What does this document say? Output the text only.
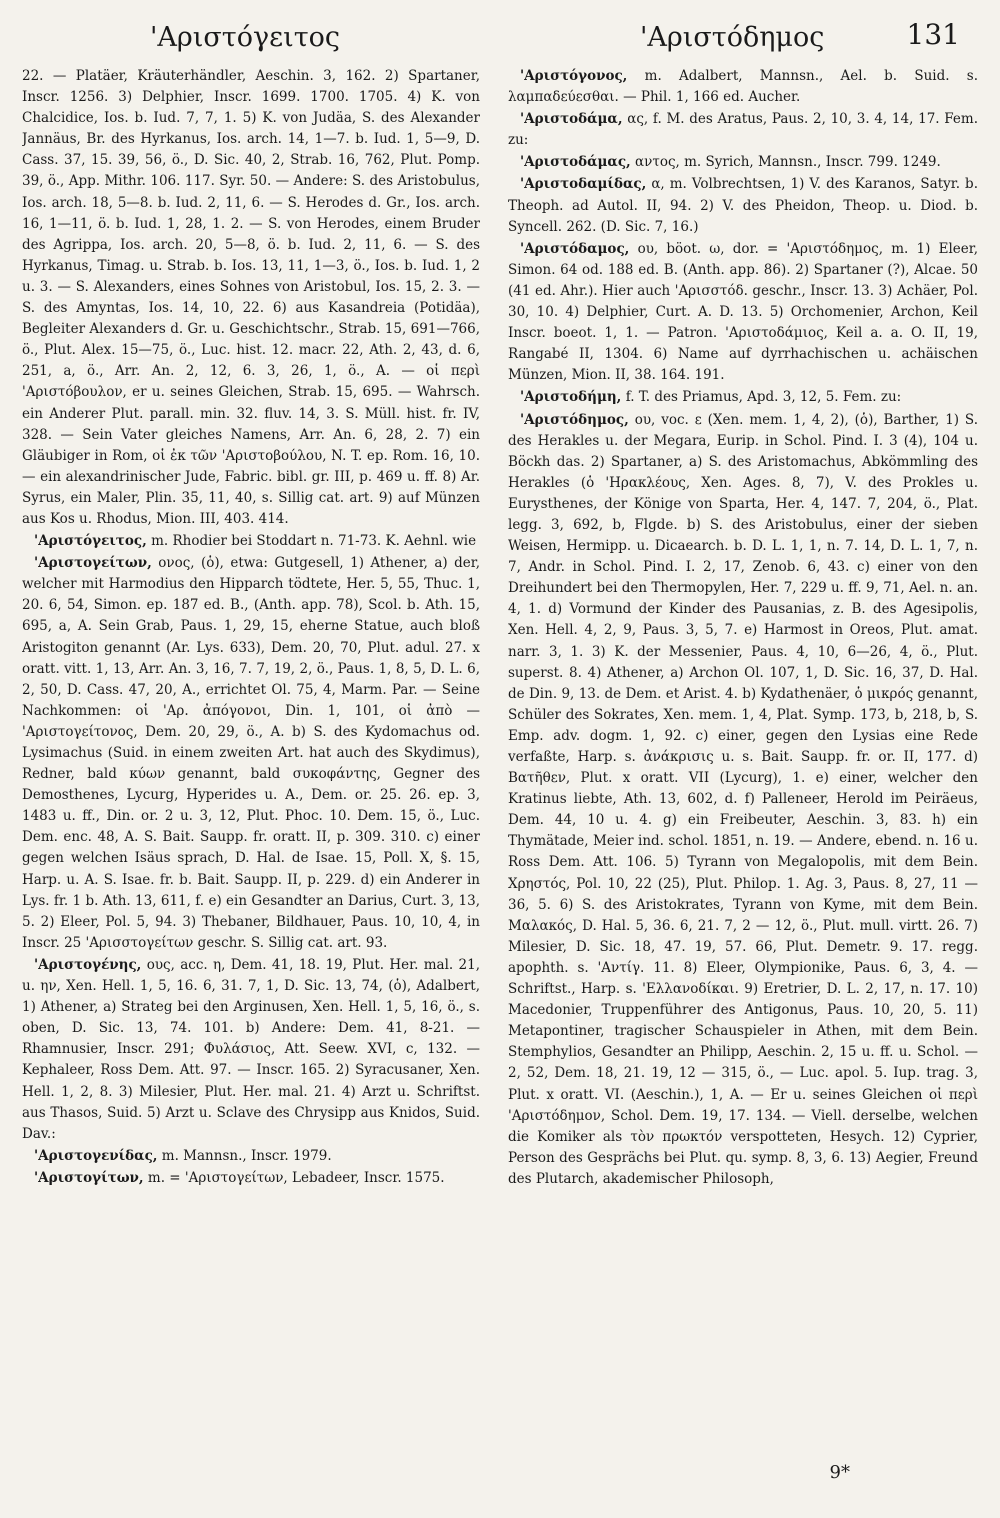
'Αριστόγειτος	'Αριστόδημος	131

22. — Platäer, Kräuterhändler, Aeschin. 3, 162. 2) Spartaner, Inscr. 1256. 3) Delphier, Inscr. 1699. 1700. 1705. 4) K. von Chalcidice, Ios. b. Iud. 7, 7, 1. 5) K. von Judäa, S. des Alexander Jannäus, Br. des Hyrkanus, Ios. arch. 14, 1—7. b. Iud. 1, 5—9, D. Cass. 37, 15. 39, 56, ö., D. Sic. 40, 2, Strab. 16, 762, Plut. Pomp. 39, ö., App. Mithr. 106. 117. Syr. 50. — Andere: S. des Aristobulus, Ios. arch. 18, 5—8. b. Iud. 2, 11, 6. — S. Herodes d. Gr., Ios. arch. 16, 1—11, ö. b. Iud. 1, 28, 1. 2. — S. von Herodes, einem Bruder des Agrippa, Ios. arch. 20, 5—8, ö. b. Iud. 2, 11, 6. — S. des Hyrkanus, Timag. u. Strab. b. Ios. 13, 11, 1—3, ö., Ios. b. Iud. 1, 2 u. 3. — S. Alexanders, eines Sohnes von Aristobul, Ios. 15, 2. 3. — S. des Amyntas, Ios. 14, 10, 22. 6) aus Kasandreia (Potidäa), Begleiter Alexanders d. Gr. u. Geschichtschr., Strab. 15, 691—766, ö., Plut. Alex. 15—75, ö., Luc. hist. 12. macr. 22, Ath. 2, 43, d. 6, 251, a, ö., Arr. An. 2, 12, 6. 3, 26, 1, ö., A. — οἱ περὶ 'Αριστόβουλον, er u. seines Gleichen, Strab. 15, 695. — Wahrsch. ein Anderer Plut. parall. min. 32. fluv. 14, 3. S. Müll. hist. fr. IV, 328. — Sein Vater gleiches Namens, Arr. An. 6, 28, 2. 7) ein Gläubiger in Rom, οἱ ἐκ τῶν 'Αριστοβούλου, N. T. ep. Rom. 16, 10. — ein alexandrinischer Jude, Fabric. bibl. gr. III, p. 469 u. ff. 8) Ar. Syrus, ein Maler, Plin. 35, 11, 40, s. Sillig cat. art. 9) auf Münzen aus Kos u. Rhodus, Mion. III, 403. 414.

'Αριστόγειτος, m. Rhodier bei Stoddart n. 71-73. K. Aehnl. wie

'Αριστογείτων, ονος, (ὁ), etwa: Gutgesell, 1) Athener, a) der, welcher mit Harmodius den Hipparch tödtete, Her. 5, 55, Thuc. 1, 20. 6, 54, Simon. ep. 187 ed. B., (Anth. app. 78), Scol. b. Ath. 15, 695, a, A. Sein Grab, Paus. 1, 29, 15, eherne Statue, auch bloß Aristogiton genannt (Ar. Lys. 633), Dem. 20, 70, Plut. adul. 27. x oratt. vitt. 1, 13, Arr. An. 3, 16, 7. 7, 19, 2, ö., Paus. 1, 8, 5, D. L. 6, 2, 50, D. Cass. 47, 20, A., errichtet Ol. 75, 4, Marm. Par. — Seine Nachkommen: οἱ 'Αρ. ἀπόγονοι, Din. 1, 101, οἱ ἀπὸ — 'Αριστογείτονος, Dem. 20, 29, ö., A. b) S. des Kydomachus od. Lysimachus (Suid. in einem zweiten Art. hat auch des Skydimus), Redner, bald κύων genannt, bald συκοφάντης, Gegner des Demosthenes, Lycurg, Hyperides u. A., Dem. or. 25. 26. ep. 3, 1483 u. ff., Din. or. 2 u. 3, 12, Plut. Phoc. 10. Dem. 15, ö., Luc. Dem. enc. 48, A. S. Bait. Saupp. fr. oratt. II, p. 309. 310. c) einer gegen welchen Isäus sprach, D. Hal. de Isae. 15, Poll. X, §. 15, Harp. u. A. S. Isae. fr. b. Bait. Saupp. II, p. 229. d) ein Anderer in Lys. fr. 1 b. Ath. 13, 611, f. e) ein Gesandter an Darius, Curt. 3, 13, 5. 2) Eleer, Pol. 5, 94. 3) Thebaner, Bildhauer, Paus. 10, 10, 4, in Inscr. 25 'Αρισστογείτων geschr. S. Sillig cat. art. 93.

'Αριστογένης, ους, acc. η, Dem. 41, 18. 19, Plut. Her. mal. 21, u. ην, Xen. Hell. 1, 5, 16. 6, 31. 7, 1, D. Sic. 13, 74, (ὁ), Adalbert, 1) Athener, a) Strateg bei den Arginusen, Xen. Hell. 1, 5, 16, ö., s. oben, D. Sic. 13, 74. 101. b) Andere: Dem. 41, 8-21. — Rhamnusier, Inscr. 291; Φυλάσιος, Att. Seew. XVI, c, 132. — Kephaleer, Ross Dem. Att. 97. — Inscr. 165. 2) Syracusaner, Xen. Hell. 1, 2, 8. 3) Milesier, Plut. Her. mal. 21. 4) Arzt u. Schriftst. aus Thasos, Suid. 5) Arzt u. Sclave des Chrysipp aus Knidos, Suid. Dav.:

'Αριστογενίδας, m. Mannsn., Inscr. 1979.

'Αριστογίτων, m. = 'Αριστογείτων, Lebadeer, Inscr. 1575.

'Αριστόγονος, m. Adalbert, Mannsn., Ael. b. Suid. s. λαμπαδεύεσθαι. — Phil. 1, 166 ed. Aucher.

'Αριστοδάμα, ας, f. M. des Aratus, Paus. 2, 10, 3. 4, 14, 17. Fem. zu:

'Αριστοδάμας, αντος, m. Syrich, Mannsn., Inscr. 799. 1249.

'Αριστοδαμίδας, α, m. Volbrechtsen, 1) V. des Karanos, Satyr. b. Theoph. ad Autol. II, 94. 2) V. des Pheidon, Theop. u. Diod. b. Syncell. 262. (D. Sic. 7, 16.)

'Αριστόδαμος, ου, böot. ω, dor. = 'Αριστόδημος, m. 1) Eleer, Simon. 64 od. 188 ed. B. (Anth. app. 86). 2) Spartaner (?), Alcae. 50 (41 ed. Ahr.). Hier auch 'Αρισστόδ. geschr., Inscr. 13. 3) Achäer, Pol. 30, 10. 4) Delphier, Curt. A. D. 13. 5) Orchomenier, Archon, Keil Inscr. boeot. 1, 1. — Patron. 'Αριστοδάμιος, Keil a. a. O. II, 19, Rangabé II, 1304. 6) Name auf dyrrhachischen u. achäischen Münzen, Mion. II, 38. 164. 191.

'Αριστοδήμη, f. T. des Priamus, Apd. 3, 12, 5. Fem. zu:

'Αριστόδημος, ου, voc. ε (Xen. mem. 1, 4, 2), (ὁ), Barther, 1) S. des Herakles u. der Megara, Eurip. in Schol. Pind. I. 3 (4), 104 u. Böckh das. 2) Spartaner, a) S. des Aristomachus, Abkömmling des Herakles (ὁ 'Ηρακλέους, Xen. Ages. 8, 7), V. des Prokles u. Eurysthenes, der Könige von Sparta, Her. 4, 147. 7, 204, ö., Plat. legg. 3, 692, b, Flgde. b) S. des Aristobulus, einer der sieben Weisen, Hermipp. u. Dicaearch. b. D. L. 1, 1, n. 7. 14, D. L. 1, 7, n. 7, Andr. in Schol. Pind. I. 2, 17, Zenob. 6, 43. c) einer von den Dreihundert bei den Thermopylen, Her. 7, 229 u. ff. 9, 71, Ael. n. an. 4, 1. d) Vormund der Kinder des Pausanias, z. B. des Agesipolis, Xen. Hell. 4, 2, 9, Paus. 3, 5, 7. e) Harmost in Oreos, Plut. amat. narr. 3, 1. 3) K. der Messenier, Paus. 4, 10, 6—26, 4, ö., Plut. superst. 8. 4) Athener, a) Archon Ol. 107, 1, D. Sic. 16, 37, D. Hal. de Din. 9, 13. de Dem. et Arist. 4. b) Kydathenäer, ὁ μικρός genannt, Schüler des Sokrates, Xen. mem. 1, 4, Plat. Symp. 173, b, 218, b, S. Emp. adv. dogm. 1, 92. c) einer, gegen den Lysias eine Rede verfaßte, Harp. s. ἀνάκρισις u. s. Bait. Saupp. fr. or. II, 177. d) Βατῆθεν, Plut. x oratt. VII (Lycurg), 1. e) einer, welcher den Kratinus liebte, Ath. 13, 602, d. f) Palleneer, Herold im Peiräeus, Dem. 44, 10 u. 4. g) ein Freibeuter, Aeschin. 3, 83. h) ein Thymätade, Meier ind. schol. 1851, n. 19. — Andere, ebend. n. 16 u. Ross Dem. Att. 106. 5) Tyrann von Megalopolis, mit dem Bein. Χρηστός, Pol. 10, 22 (25), Plut. Philop. 1. Ag. 3, Paus. 8, 27, 11 — 36, 5. 6) S. des Aristokrates, Tyrann von Kyme, mit dem Bein. Μαλακός, D. Hal. 5, 36. 6, 21. 7, 2 — 12, ö., Plut. mull. virtt. 26. 7) Milesier, D. Sic. 18, 47. 19, 57. 66, Plut. Demetr. 9. 17. regg. apophth. s. 'Αντίγ. 11. 8) Eleer, Olympionike, Paus. 6, 3, 4. — Schriftst., Harp. s. 'Ελλανοδίκαι. 9) Eretrier, D. L. 2, 17, n. 17. 10) Macedonier, Truppenführer des Antigonus, Paus. 10, 20, 5. 11) Metapontiner, tragischer Schauspieler in Athen, mit dem Bein. Stemphylios, Gesandter an Philipp, Aeschin. 2, 15 u. ff. u. Schol. — 2, 52, Dem. 18, 21. 19, 12 — 315, ö., — Luc. apol. 5. Iup. trag. 3, Plut. x oratt. VI. (Aeschin.), 1, A. — Er u. seines Gleichen οἱ περὶ 'Αριστόδημον, Schol. Dem. 19, 17. 134. — Viell. derselbe, welchen die Komiker als τὸν πρωκτόν verspotteten, Hesych. 12) Cyprier, Person des Gesprächs bei Plut. qu. symp. 8, 3, 6. 13) Aegier, Freund des Plutarch, akademischer Philosoph,

9*
